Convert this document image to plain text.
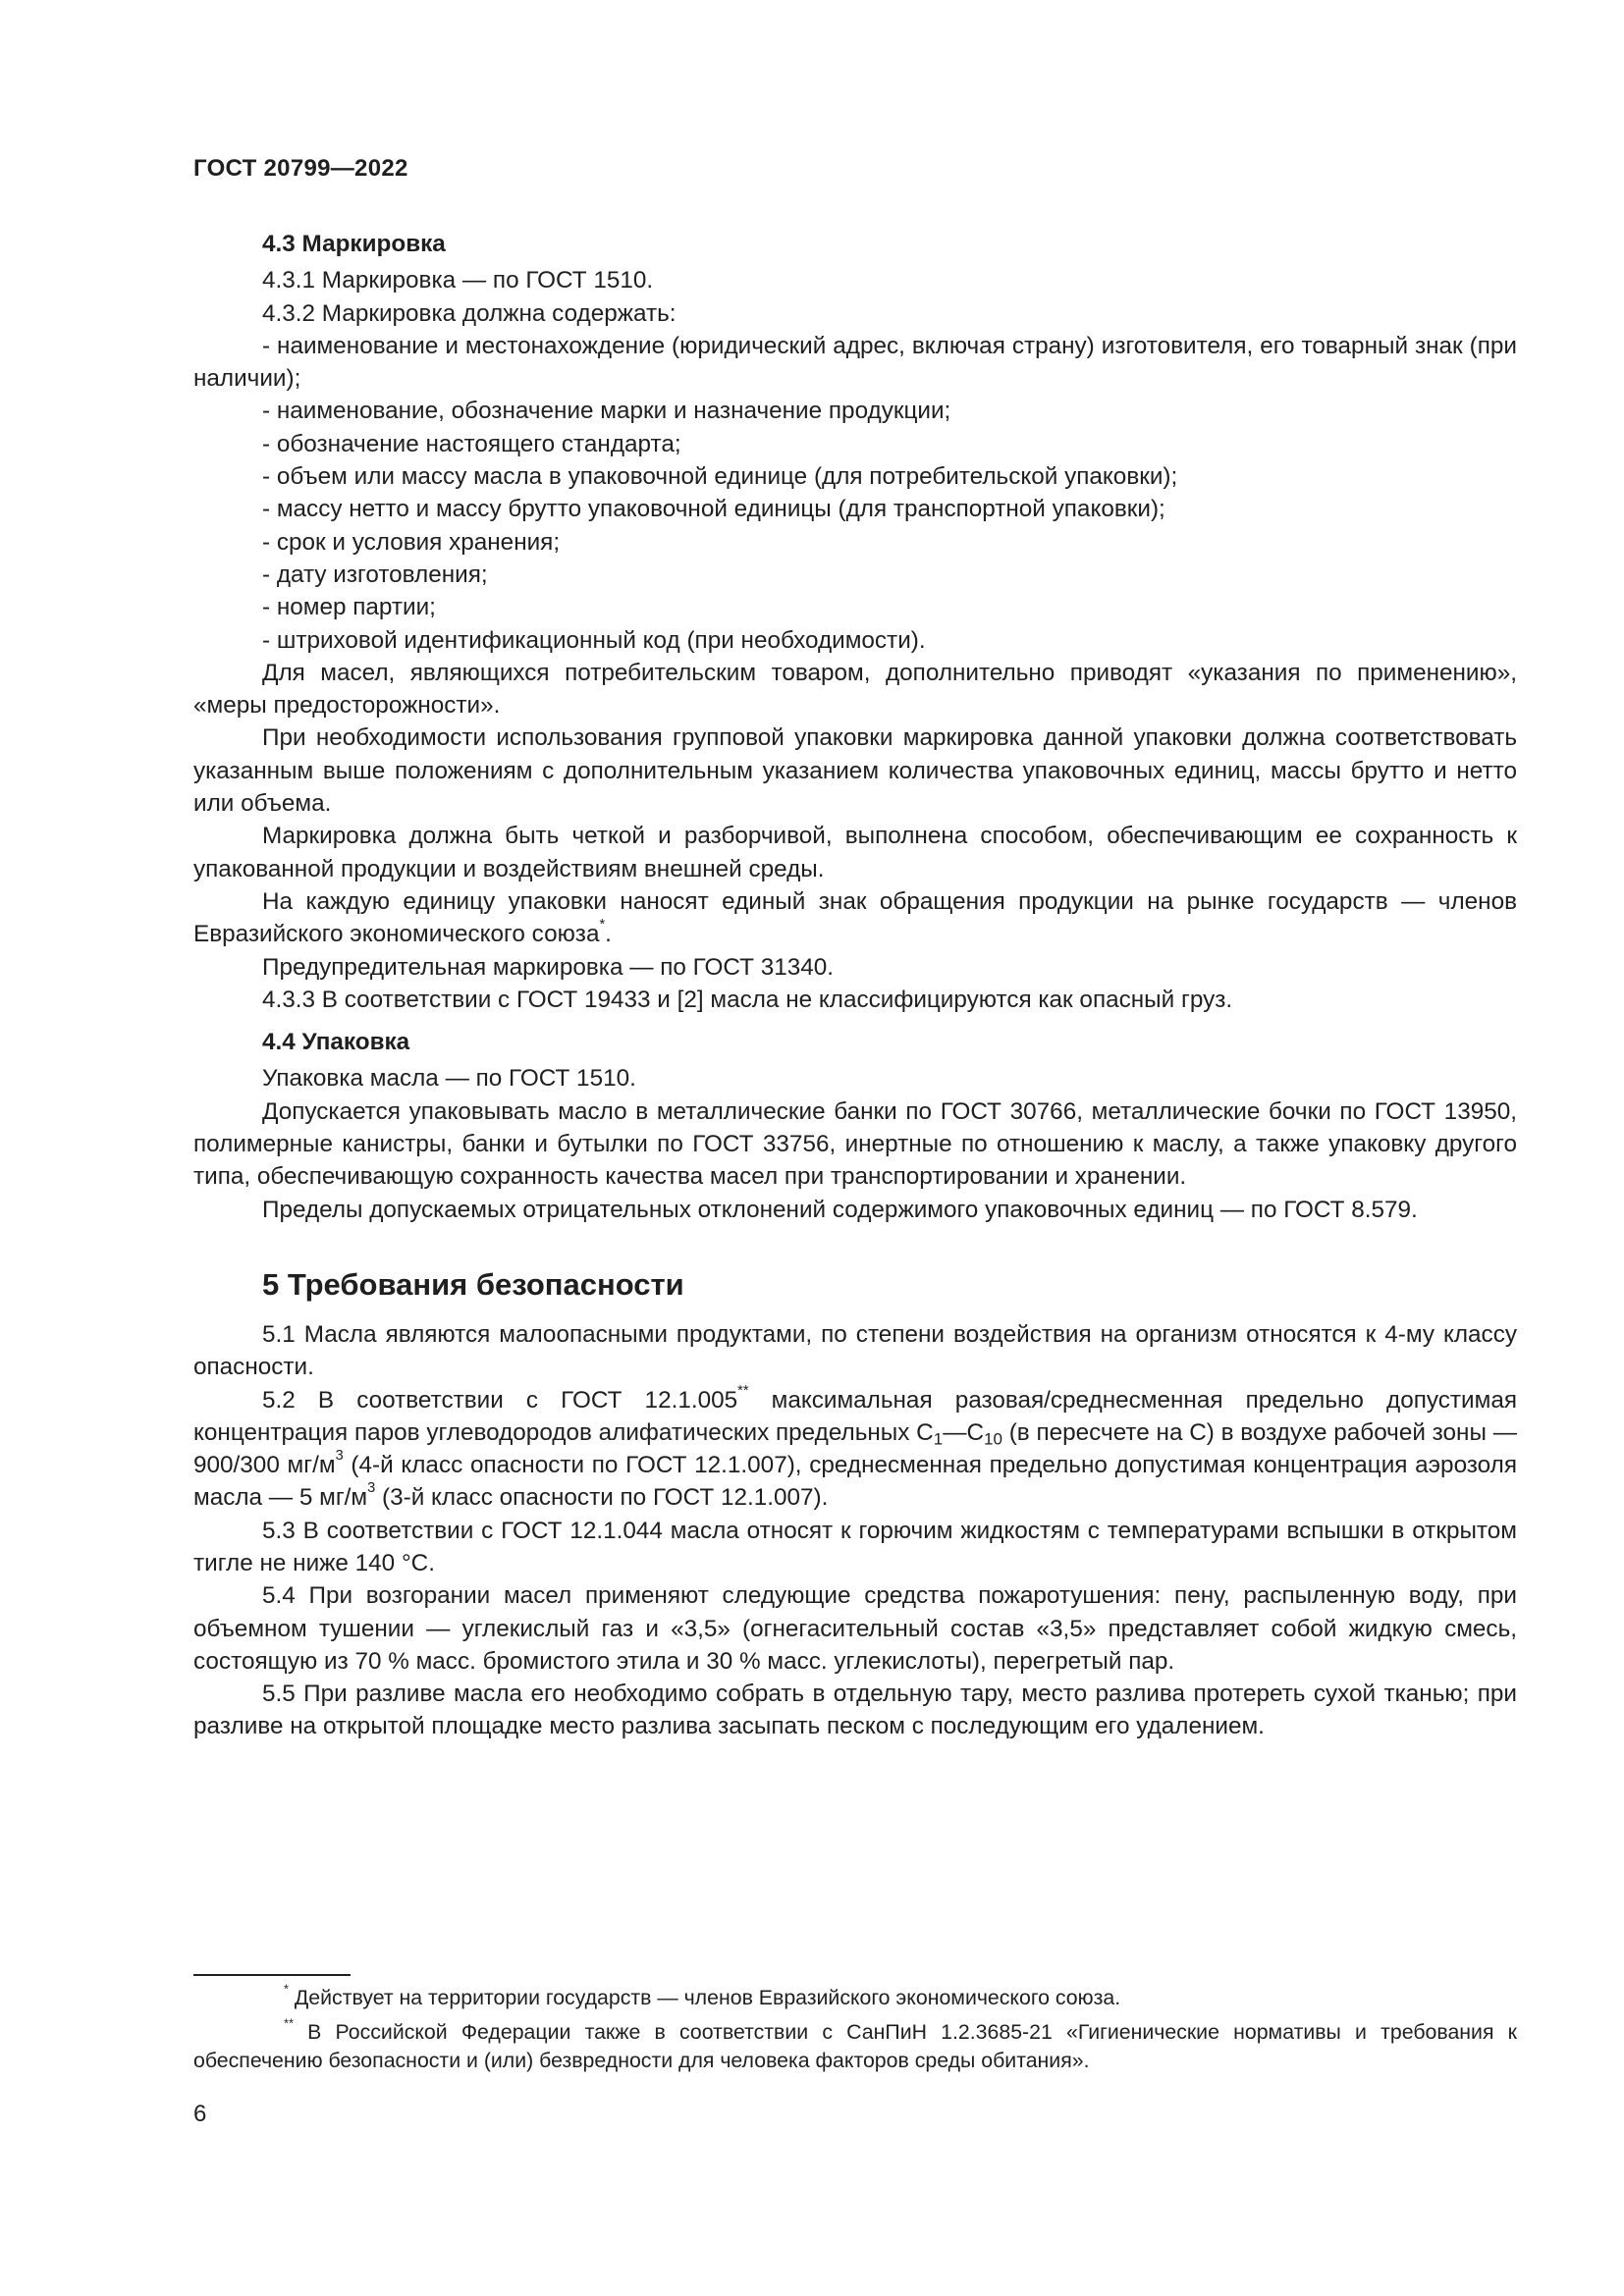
ГОСТ 20799—2022
4.3 Маркировка

4.3.1 Маркировка — по ГОСТ 1510.

4.3.2 Маркировка должна содержать:

- наименование и местонахождение (юридический адрес, включая страну) изготовителя, его товарный знак (при наличии);

- наименование, обозначение марки и назначение продукции;

- обозначение настоящего стандарта;

- объем или массу масла в упаковочной единице (для потребительской упаковки);

- массу нетто и массу брутто упаковочной единицы (для транспортной упаковки);

- срок и условия хранения;

- дату изготовления;

- номер партии;

- штриховой идентификационный код (при необходимости).

Для масел, являющихся потребительским товаром, дополнительно приводят «указания по применению», «меры предосторожности».

При необходимости использования групповой упаковки маркировка данной упаковки должна соответствовать указанным выше положениям с дополнительным указанием количества упаковочных единиц, массы брутто и нетто или объема.

Маркировка должна быть четкой и разборчивой, выполнена способом, обеспечивающим ее сохранность к упакованной продукции и воздействиям внешней среды.

На каждую единицу упаковки наносят единый знак обращения продукции на рынке государств — членов Евразийского экономического союза*.

Предупредительная маркировка — по ГОСТ 31340.

4.3.3 В соответствии с ГОСТ 19433 и [2] масла не классифицируются как опасный груз.

4.4 Упаковка

Упаковка масла — по ГОСТ 1510.

Допускается упаковывать масло в металлические банки по ГОСТ 30766, металлические бочки по ГОСТ 13950, полимерные канистры, банки и бутылки по ГОСТ 33756, инертные по отношению к маслу, а также упаковку другого типа, обеспечивающую сохранность качества масел при транспортировании и хранении.

Пределы допускаемых отрицательных отклонений содержимого упаковочных единиц — по ГОСТ 8.579.

5 Требования безопасности

5.1 Масла являются малоопасными продуктами, по степени воздействия на организм относятся к 4-му классу опасности.

5.2 В соответствии с ГОСТ 12.1.005** максимальная разовая/среднесменная предельно допустимая концентрация паров углеводородов алифатических предельных $C_1—C_{10}$ (в пересчете на С) в воздухе рабочей зоны — 900/300 $мг/м^3$ (4-й класс опасности по ГОСТ 12.1.007), среднесменная предельно допустимая концентрация аэрозоля масла — 5 $мг/м^3$ (3-й класс опасности по ГОСТ 12.1.007).

5.3 В соответствии с ГОСТ 12.1.044 масла относят к горючим жидкостям с температурами вспышки в открытом тигле не ниже 140 °С.

5.4 При возгорании масел применяют следующие средства пожаротушения: пену, распыленную воду, при объемном тушении — углекислый газ и «3,5» (огнегасительный состав «3,5» представляет собой жидкую смесь, состоящую из 70 % масс. бромистого этила и 30 % масс. углекислоты), перегретый пар.

5.5 При разливе масла его необходимо собрать в отдельную тару, место разлива протереть сухой тканью; при разливе на открытой площадке место разлива засыпать песком с последующим его удалением.

* Действует на территории государств — членов Евразийского экономического союза.

** В Российской Федерации также в соответствии с СанПиН 1.2.3685-21 «Гигиенические нормативы и требования к обеспечению безопасности и (или) безвредности для человека факторов среды обитания».

6
